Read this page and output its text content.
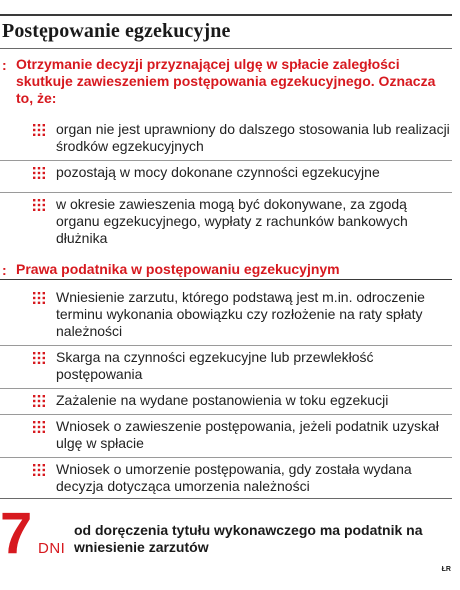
Postępowanie egzekucyjne
: Otrzymanie decyzji przyznającej ulgę w spłacie zaległości skutkuje zawieszeniem postępowania egzekucyjnego. Oznacza to, że:
organ nie jest uprawniony do dalszego stosowania lub realizacji środków egzekucyjnych
pozostają w mocy dokonane czynności egzekucyjne
w okresie zawieszenia mogą być dokonywane, za zgodą organu egzekucyjnego, wypłaty z rachunków bankowych dłużnika
: Prawa podatnika w postępowaniu egzekucyjnym
Wniesienie zarzutu, którego podstawą jest m.in. odroczenie terminu wykonania obowiązku czy rozłożenie na raty spłaty należności
Skarga na czynności egzekucyjne lub przewlekłość postępowania
Zażalenie na wydane postanowienia w toku egzekucji
Wniosek o zawieszenie postępowania, jeżeli podatnik uzyskał ulgę w spłacie
Wniosek o umorzenie postępowania, gdy została wydana decyzja dotycząca umorzenia należności
7 DNI
od doręczenia tytułu wykonawczego ma podatnik na wniesienie zarzutów
ŁR
